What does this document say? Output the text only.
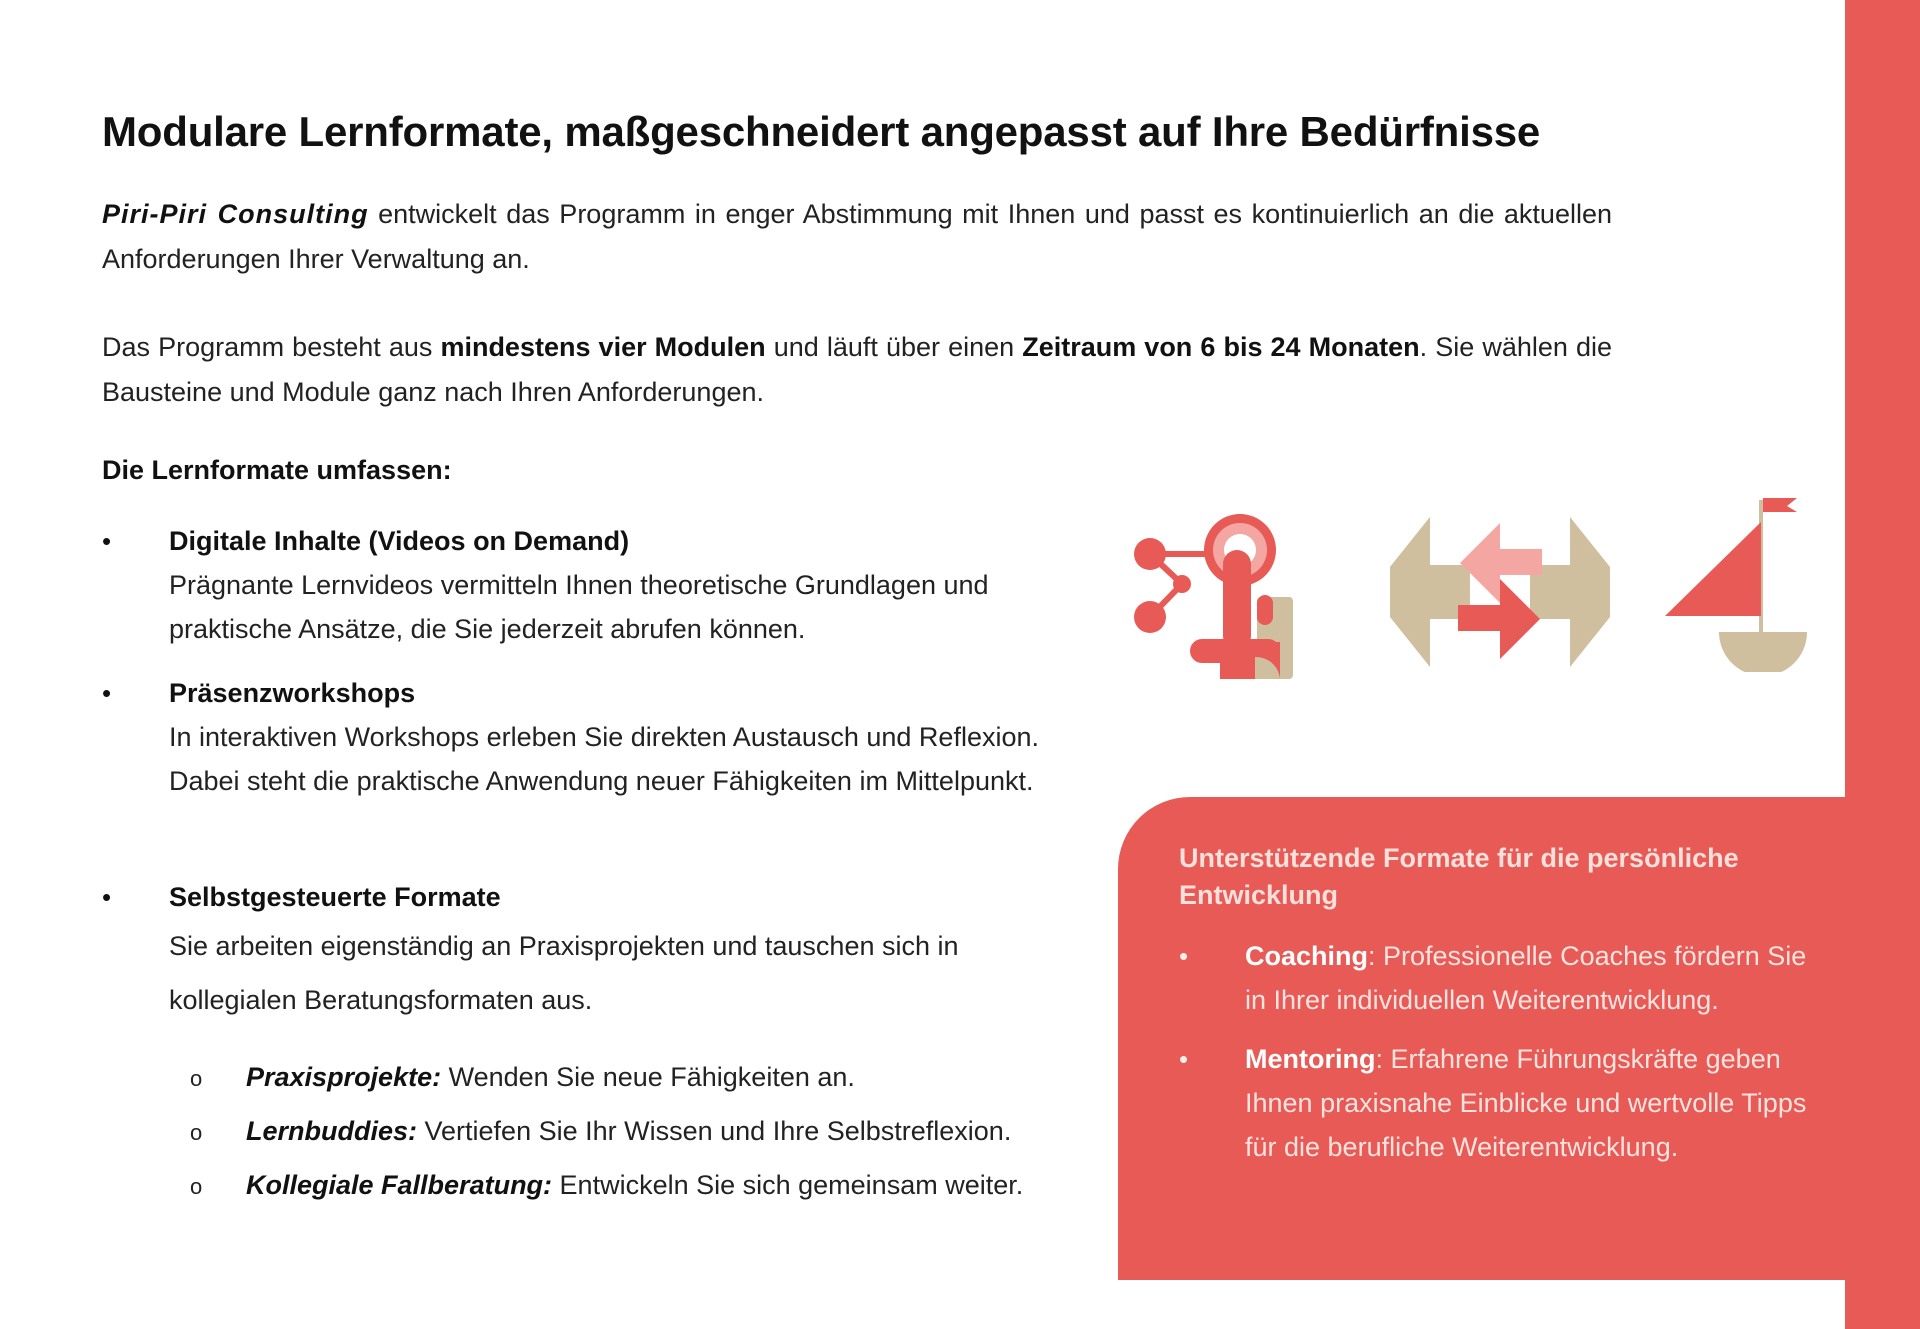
Modulare Lernformate, maßgeschneidert angepasst auf Ihre Bedürfnisse

Piri-Piri Consulting entwickelt das Programm in enger Abstimmung mit Ihnen und passt es kontinuierlich an die aktuellen Anforderungen Ihrer Verwaltung an.

Das Programm besteht aus mindestens vier Modulen und läuft über einen Zeitraum von 6 bis 24 Monaten. Sie wählen die Bausteine und Module ganz nach Ihren Anforderungen.

Die Lernformate umfassen:
• Digitale Inhalte (Videos on Demand)

Prägnante Lernvideos vermitteln Ihnen theoretische Grundlagen und praktische Ansätze, die Sie jederzeit abrufen können.

• Präsenzworkshops

In interaktiven Workshops erleben Sie direkten Austausch und Reflexion. Dabei steht die praktische Anwendung neuer Fähigkeiten im Mittelpunkt.

• Selbstgesteuerte Formate

Sie arbeiten eigenständig an Praxisprojekten und tauschen sich in kollegialen Beratungsformaten aus.

o Praxisprojekte: Wenden Sie neue Fähigkeiten an.
o Lernbuddies: Vertiefen Sie Ihr Wissen und Ihre Selbstreflexion.
o Kollegiale Fallberatung: Entwickeln Sie sich gemeinsam weiter.
Unterstützende Formate für die persönliche Entwicklung
• Coaching: Professionelle Coaches fördern Sie in Ihrer individuellen Weiterentwicklung.

• Mentoring: Erfahrene Führungskräfte geben Ihnen praxisnahe Einblicke und wertvolle Tipps für die berufliche Weiterentwicklung.
